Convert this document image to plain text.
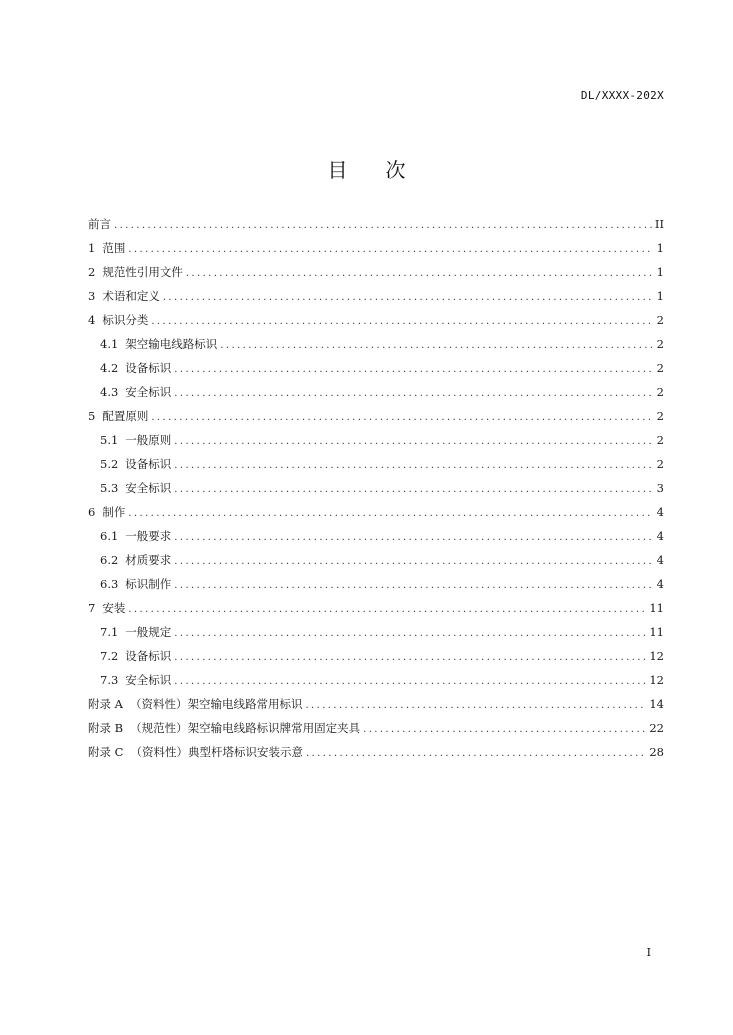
DL/XXXX-202X
目 次
前言 .....	II
1 范围 .....	1
2 规范性引用文件 .....	1
3 术语和定义 .....	1
4 标识分类 .....	2
4.1 架空输电线路标识 .....	2
4.2 设备标识 .....	2
4.3 安全标识 .....	2
5 配置原则 .....	2
5.1 一般原则 .....	2
5.2 设备标识 .....	2
5.3 安全标识 .....	3
6 制作 .....	4
6.1 一般要求 .....	4
6.2 材质要求 .....	4
6.3 标识制作 .....	4
7 安装 .....	11
7.1 一般规定 .....	11
7.2 设备标识 .....	12
7.3 安全标识 .....	12
附录 A （资料性）架空输电线路常用标识 .....	14
附录 B （规范性）架空输电线路标识牌常用固定夹具 .....	22
附录 C （资料性）典型杆塔标识安装示意 .....	28
I
